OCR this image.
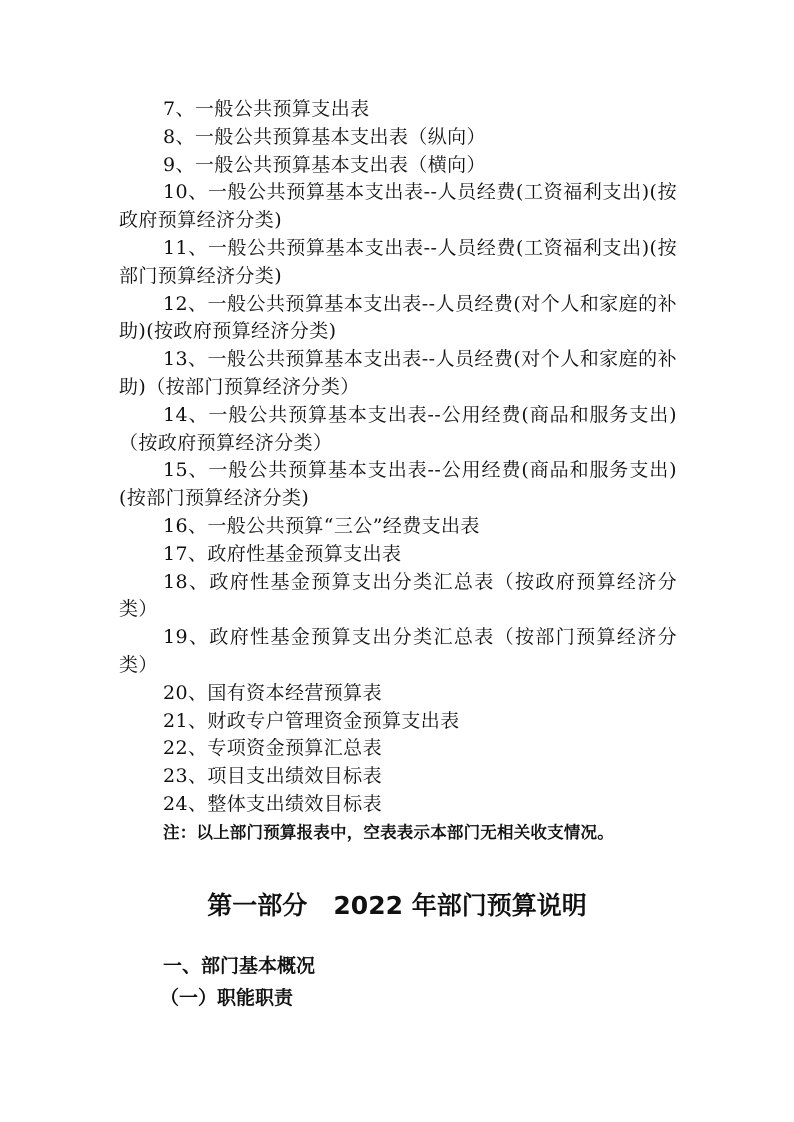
7、一般公共预算支出表

8、一般公共预算基本支出表（纵向）

9、一般公共预算基本支出表（横向）

10、一般公共预算基本支出表--人员经费(工资福利支出)(按政府预算经济分类)

11、一般公共预算基本支出表--人员经费(工资福利支出)(按部门预算经济分类)

12、一般公共预算基本支出表--人员经费(对个人和家庭的补助)(按政府预算经济分类)

13、一般公共预算基本支出表--人员经费(对个人和家庭的补助)（按部门预算经济分类）

14、一般公共预算基本支出表--公用经费(商品和服务支出)（按政府预算经济分类）

15、一般公共预算基本支出表--公用经费(商品和服务支出)(按部门预算经济分类)

16、一般公共预算“三公”经费支出表

17、政府性基金预算支出表

18、政府性基金预算支出分类汇总表（按政府预算经济分类）

19、政府性基金预算支出分类汇总表（按部门预算经济分类）

20、国有资本经营预算表

21、财政专户管理资金预算支出表

22、专项资金预算汇总表

23、项目支出绩效目标表

24、整体支出绩效目标表

注：以上部门预算报表中，空表表示本部门无相关收支情况。

第一部分   2022 年部门预算说明
一、部门基本概况
（一）职能职责
